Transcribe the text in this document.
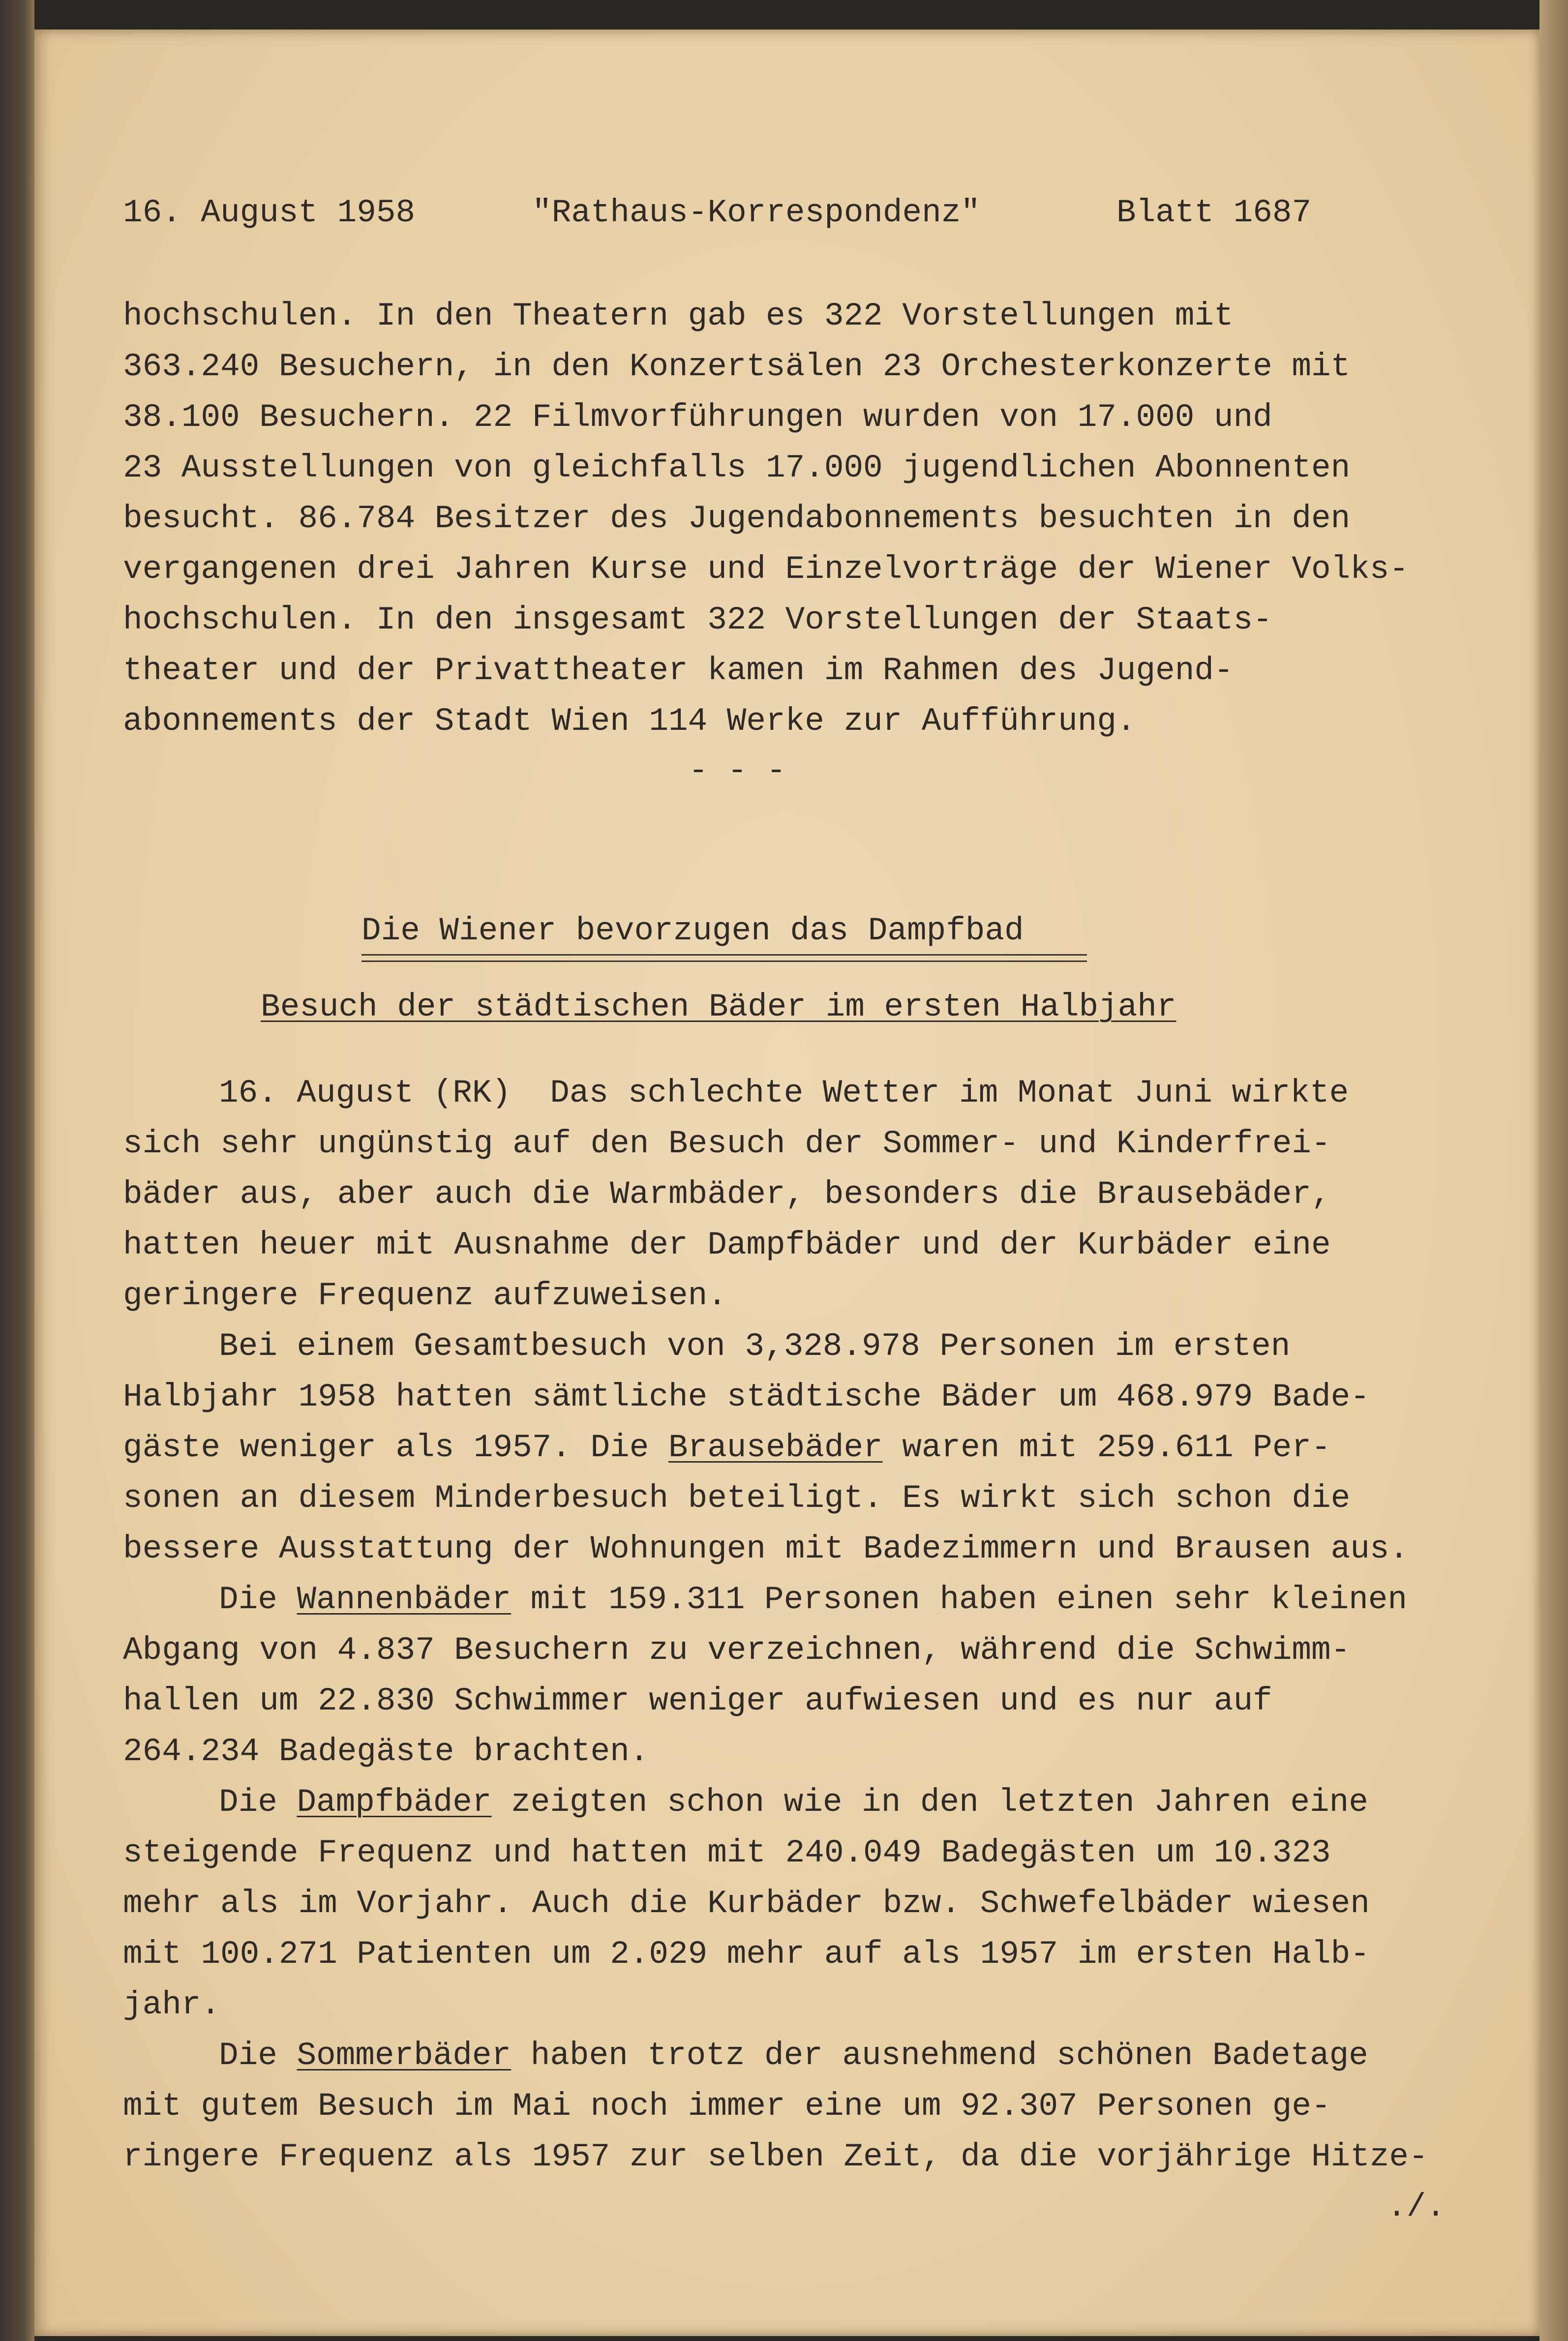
16. August 1958	"Rathaus-Korrespondenz"	Blatt 1687
hochschulen. In den Theatern gab es 322 Vorstellungen mit
363.240 Besuchern, in den Konzertsälen 23 Orchesterkonzerte mit
38.100 Besuchern. 22 Filmvorführungen wurden von 17.000 und
23 Ausstellungen von gleichfalls 17.000 jugendlichen Abonnenten
besucht. 86.784 Besitzer des Jugendabonnements besuchten in den
vergangenen drei Jahren Kurse und Einzelvorträge der Wiener Volks-
hochschulen. In den insgesamt 322 Vorstellungen der Staats-
theater und der Privattheater kamen im Rahmen des Jugend-
abonnements der Stadt Wien 114 Werke zur Aufführung.
- - -
Die Wiener bevorzugen das Dampfbad
Besuch der städtischen Bäder im ersten Halbjahr
16. August (RK)  Das schlechte Wetter im Monat Juni wirkte
sich sehr ungünstig auf den Besuch der Sommer- und Kinderfrei-
bäder aus, aber auch die Warmbäder, besonders die Brausebäder,
hatten heuer mit Ausnahme der Dampfbäder und der Kurbäder eine
geringere Frequenz aufzuweisen.
Bei einem Gesamtbesuch von 3,328.978 Personen im ersten
Halbjahr 1958 hatten sämtliche städtische Bäder um 468.979 Bade-
gäste weniger als 1957. Die Brausebäder waren mit 259.611 Per-
sonen an diesem Minderbesuch beteiligt. Es wirkt sich schon die
bessere Ausstattung der Wohnungen mit Badezimmern und Brausen aus.
Die Wannenbäder mit 159.311 Personen haben einen sehr kleinen
Abgang von 4.837 Besuchern zu verzeichnen, während die Schwimm-
hallen um 22.830 Schwimmer weniger aufwiesen und es nur auf
264.234 Badegäste brachten.
Die Dampfbäder zeigten schon wie in den letzten Jahren eine
steigende Frequenz und hatten mit 240.049 Badegästen um 10.323
mehr als im Vorjahr. Auch die Kurbäder bzw. Schwefelbäder wiesen
mit 100.271 Patienten um 2.029 mehr auf als 1957 im ersten Halb-
jahr.
Die Sommerbäder haben trotz der ausnehmend schönen Badetage
mit gutem Besuch im Mai noch immer eine um 92.307 Personen ge-
ringere Frequenz als 1957 zur selben Zeit, da die vorjährige Hitze-
./.
